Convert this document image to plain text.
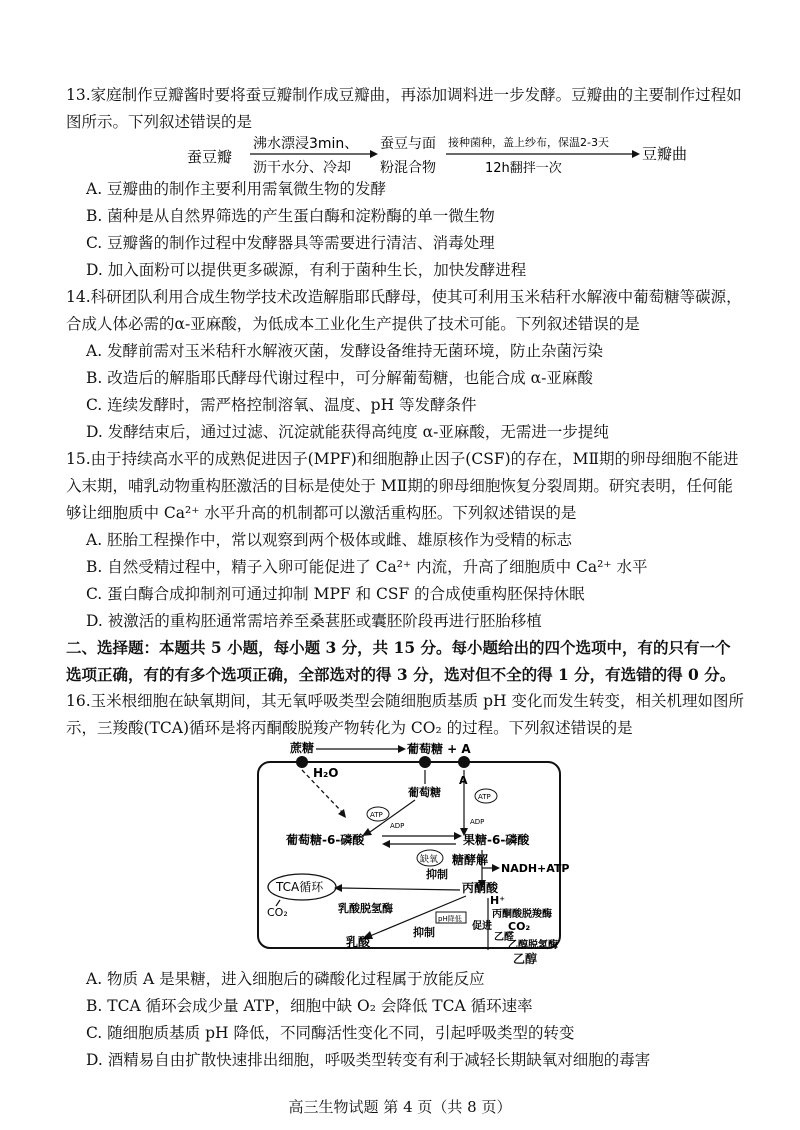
13.家庭制作豆瓣酱时要将蚕豆瓣制作成豆瓣曲，再添加调料进一步发酵。豆瓣曲的主要制作过程如图所示。下列叙述错误的是
蚕豆瓣
沸水漂浸3min、
沥干水分、冷却
蚕豆与面
粉混合物
接种菌种，盖上纱布，保温2-3天
12h翻拌一次
豆瓣曲
A. 豆瓣曲的制作主要利用需氧微生物的发酵
B. 菌种是从自然界筛选的产生蛋白酶和淀粉酶的单一微生物
C. 豆瓣酱的制作过程中发酵器具等需要进行清洁、消毒处理
D. 加入面粉可以提供更多碳源，有利于菌种生长，加快发酵进程
14.科研团队利用合成生物学技术改造解脂耶氏酵母，使其可利用玉米秸秆水解液中葡萄糖等碳源，合成人体必需的α-亚麻酸，为低成本工业化生产提供了技术可能。下列叙述错误的是
A. 发酵前需对玉米秸秆水解液灭菌，发酵设备维持无菌环境，防止杂菌污染
B. 改造后的解脂耶氏酵母代谢过程中，可分解葡萄糖，也能合成 α-亚麻酸
C. 连续发酵时，需严格控制溶氧、温度、pH 等发酵条件
D. 发酵结束后，通过过滤、沉淀就能获得高纯度 α-亚麻酸，无需进一步提纯
15.由于持续高水平的成熟促进因子(MPF)和细胞静止因子(CSF)的存在，MⅡ期的卵母细胞不能进入末期，哺乳动物重构胚激活的目标是使处于 MⅡ期的卵母细胞恢复分裂周期。研究表明，任何能够让细胞质中 Ca²⁺ 水平升高的机制都可以激活重构胚。下列叙述错误的是
A. 胚胎工程操作中，常以观察到两个极体或雌、雄原核作为受精的标志
B. 自然受精过程中，精子入卵可能促进了 Ca²⁺ 内流，升高了细胞质中 Ca²⁺ 水平
C. 蛋白酶合成抑制剂可通过抑制 MPF 和 CSF 的合成使重构胚保持休眠
D. 被激活的重构胚通常需培养至桑葚胚或囊胚阶段再进行胚胎移植
二、选择题：本题共 5 小题，每小题 3 分，共 15 分。每小题给出的四个选项中，有的只有一个选项正确，有的有多个选项正确，全部选对的得 3 分，选对但不全的得 1 分，有选错的得 0 分。
16.玉米根细胞在缺氧期间，其无氧呼吸类型会随细胞质基质 pH 变化而发生转变，相关机理如图所示，三羧酸(TCA)循环是将丙酮酸脱羧产物转化为 CO₂ 的过程。下列叙述错误的是
蔗糖	葡萄糖 + A
H₂O
葡萄糖
A
ATP
ADP
ATP
ADP
葡萄糖-6-磷酸	果糖-6-磷酸
缺氧
抑制
糖酵解
NADH+ATP
TCA循环
CO₂
丙酮酸
H⁺
乳酸脱氢酶
乳酸
pH降低
抑制	促进
丙酮酸脱羧酶
CO₂
乙醛
乙醇脱氢酶
乙醇
A. 物质 A 是果糖，进入细胞后的磷酸化过程属于放能反应
B. TCA 循环会成少量 ATP，细胞中缺 O₂ 会降低 TCA 循环速率
C. 随细胞质基质 pH 降低，不同酶活性变化不同，引起呼吸类型的转变
D. 酒精易自由扩散快速排出细胞，呼吸类型转变有利于减轻长期缺氧对细胞的毒害
高三生物试题 第 4 页（共 8 页）
